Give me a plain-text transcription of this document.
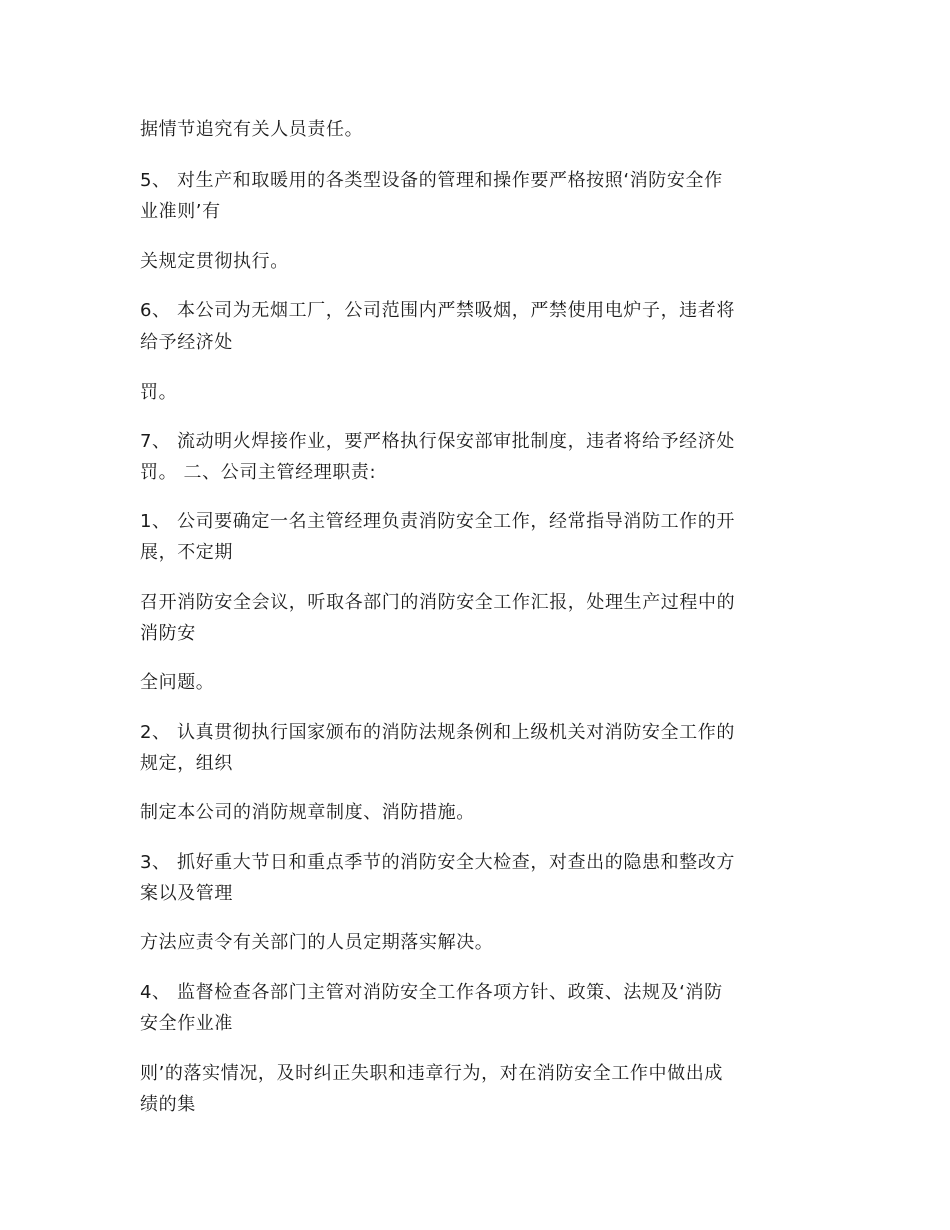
据情节追究有关人员责任。
5、 对生产和取暖用的各类型设备的管理和操作要严格按照‘消防安全作
业准则’有
关规定贯彻执行。
6、 本公司为无烟工厂，公司范围内严禁吸烟，严禁使用电炉子，违者将
给予经济处
罚。
7、 流动明火焊接作业，要严格执行保安部审批制度，违者将给予经济处
罚。 二、公司主管经理职责:
1、 公司要确定一名主管经理负责消防安全工作，经常指导消防工作的开
展，不定期
召开消防安全会议，听取各部门的消防安全工作汇报，处理生产过程中的
消防安
全问题。
2、 认真贯彻执行国家颁布的消防法规条例和上级机关对消防安全工作的
规定，组织
制定本公司的消防规章制度、消防措施。
3、 抓好重大节日和重点季节的消防安全大检查，对查出的隐患和整改方
案以及管理
方法应责令有关部门的人员定期落实解决。
4、 监督检查各部门主管对消防安全工作各项方针、政策、法规及‘消防
安全作业准
则’的落实情况，及时纠正失职和违章行为，对在消防安全工作中做出成
绩的集
